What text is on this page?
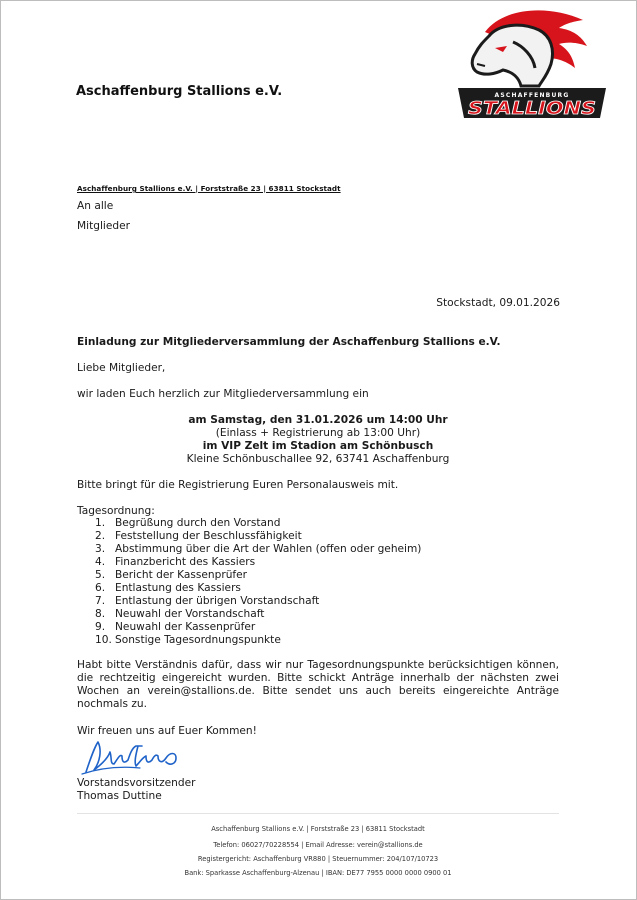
Aschaffenburg Stallions e.V.	ASCHAFFENBURG
STALLIONS
Aschaffenburg Stallions e.V. | Forststraße 23 | 63811 Stockstadt
An alle
Mitglieder
Stockstadt, 09.01.2026
Einladung zur Mitgliederversammlung der Aschaffenburg Stallions e.V.
Liebe Mitglieder,
wir laden Euch herzlich zur Mitgliederversammlung ein
am Samstag, den 31.01.2026 um 14:00 Uhr
(Einlass + Registrierung ab 13:00 Uhr)
im VIP Zelt im Stadion am Schönbusch
Kleine Schönbuschallee 92, 63741 Aschaffenburg
Bitte bringt für die Registrierung Euren Personalausweis mit.
Tagesordnung:
1. Begrüßung durch den Vorstand
2. Feststellung der Beschlussfähigkeit
3. Abstimmung über die Art der Wahlen (offen oder geheim)
4. Finanzbericht des Kassiers
5. Bericht der Kassenprüfer
6. Entlastung des Kassiers
7. Entlastung der übrigen Vorstandschaft
8. Neuwahl der Vorstandschaft
9. Neuwahl der Kassenprüfer
10. Sonstige Tagesordnungspunkte
Habt bitte Verständnis dafür, dass wir nur Tagesordnungspunkte berücksichtigen können, die rechtzeitig eingereicht wurden. Bitte schickt Anträge innerhalb der nächsten zwei Wochen an verein@stallions.de. Bitte sendet uns auch bereits eingereichte Anträge nochmals zu.
Wir freuen uns auf Euer Kommen!
Vorstandsvorsitzender
Thomas Duttine
Aschaffenburg Stallions e.V. | Forststraße 23 | 63811 Stockstadt
Telefon: 06027/70228554 | Email Adresse: verein@stallions.de
Registergericht: Aschaffenburg VR880 | Steuernummer: 204/107/10723
Bank: Sparkasse Aschaffenburg-Alzenau | IBAN: DE77 7955 0000 0000 0900 01
